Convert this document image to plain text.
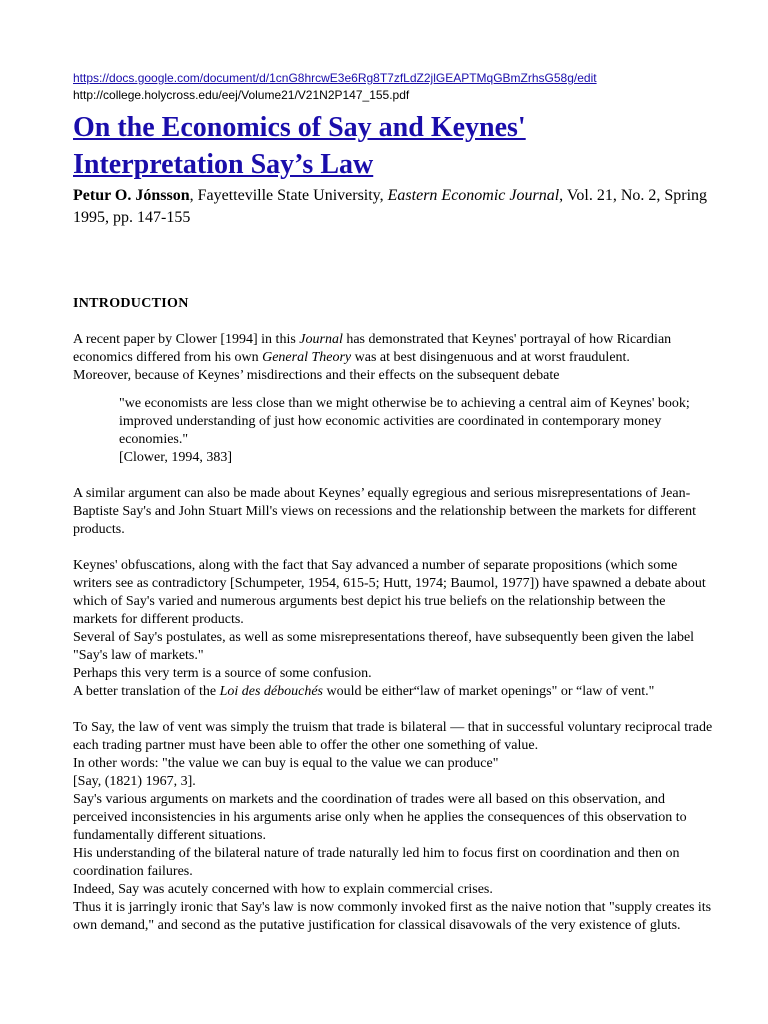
https://docs.google.com/document/d/1cnG8hrcwE3e6Rg8T7zfLdZ2jlGEAPTMqGBmZrhsG58g/edit
http://college.holycross.edu/eej/Volume21/V21N2P147_155.pdf
On the Economics of Say and Keynes'
Interpretation Say’s Law
Petur O. Jónsson, Fayetteville State University, Eastern Economic Journal, Vol. 21, No. 2, Spring 1995, pp. 147-155
INTRODUCTION

A recent paper by Clower [1994] in this Journal has demonstrated that Keynes' portrayal of how Ricardian economics differed from his own General Theory was at best disingenuous and at worst fraudulent.

Moreover, because of Keynes’ misdirections and their effects on the subsequent debate

"we economists are less close than we might otherwise be to achieving a central aim of Keynes' book; improved understanding of just how economic activities are coordinated in contemporary money economies."

[Clower, 1994, 383]

A similar argument can also be made about Keynes’ equally egregious and serious misrepresentations of Jean-Baptiste Say's and John Stuart Mill's views on recessions and the relationship between the markets for different products.

Keynes' obfuscations, along with the fact that Say advanced a number of separate propositions (which some writers see as contradictory [Schumpeter, 1954, 615-5; Hutt, 1974; Baumol, 1977]) have spawned a debate about which of Say's varied and numerous arguments best depict his true beliefs on the relationship between the markets for different products.

Several of Say's postulates, as well as some misrepresentations thereof, have subsequently been given the label "Say's law of markets."

Perhaps this very term is a source of some confusion.

A better translation of the Loi des débouchés would be either“law of market openings" or “law of vent."

To Say, the law of vent was simply the truism that trade is bilateral — that in successful voluntary reciprocal trade each trading partner must have been able to offer the other one something of value.

In other words: "the value we can buy is equal to the value we can produce"

[Say, (1821) 1967, 3].

Say's various arguments on markets and the coordination of trades were all based on this observation, and perceived inconsistencies in his arguments arise only when he applies the consequences of this observation to fundamentally different situations.

His understanding of the bilateral nature of trade naturally led him to focus first on coordination and then on coordination failures.

Indeed, Say was acutely concerned with how to explain commercial crises.

Thus it is jarringly ironic that Say's law is now commonly invoked first as the naive notion that "supply creates its own demand," and second as the putative justification for classical disavowals of the very existence of gluts.
